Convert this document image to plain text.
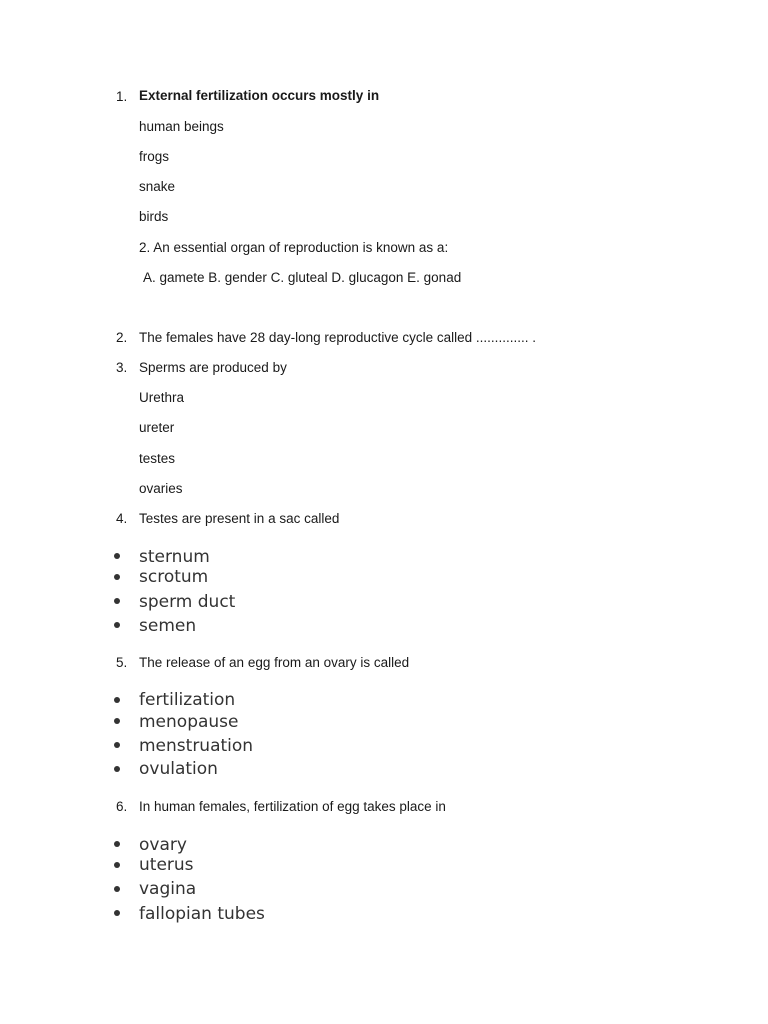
1. External fertilization occurs mostly in
human beings
frogs
snake
birds
2. An essential organ of reproduction is known as a:
A. gamete B. gender C. gluteal D. glucagon E. gonad
2. The females have 28 day-long reproductive cycle called .............. .
3. Sperms are produced by
Urethra
ureter
testes
ovaries
4. Testes are present in a sac called
sternum
scrotum
sperm duct
semen
5. The release of an egg from an ovary is called
fertilization
menopause
menstruation
ovulation
6. In human females, fertilization of egg takes place in
ovary
uterus
vagina
fallopian tubes
